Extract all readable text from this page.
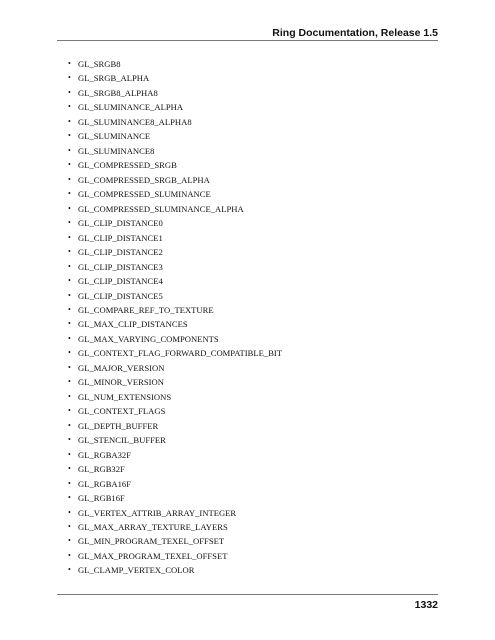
Ring Documentation, Release 1.5
• GL_SRGB8
• GL_SRGB_ALPHA
• GL_SRGB8_ALPHA8
• GL_SLUMINANCE_ALPHA
• GL_SLUMINANCE8_ALPHA8
• GL_SLUMINANCE
• GL_SLUMINANCE8
• GL_COMPRESSED_SRGB
• GL_COMPRESSED_SRGB_ALPHA
• GL_COMPRESSED_SLUMINANCE
• GL_COMPRESSED_SLUMINANCE_ALPHA
• GL_CLIP_DISTANCE0
• GL_CLIP_DISTANCE1
• GL_CLIP_DISTANCE2
• GL_CLIP_DISTANCE3
• GL_CLIP_DISTANCE4
• GL_CLIP_DISTANCE5
• GL_COMPARE_REF_TO_TEXTURE
• GL_MAX_CLIP_DISTANCES
• GL_MAX_VARYING_COMPONENTS
• GL_CONTEXT_FLAG_FORWARD_COMPATIBLE_BIT
• GL_MAJOR_VERSION
• GL_MINOR_VERSION
• GL_NUM_EXTENSIONS
• GL_CONTEXT_FLAGS
• GL_DEPTH_BUFFER
• GL_STENCIL_BUFFER
• GL_RGBA32F
• GL_RGB32F
• GL_RGBA16F
• GL_RGB16F
• GL_VERTEX_ATTRIB_ARRAY_INTEGER
• GL_MAX_ARRAY_TEXTURE_LAYERS
• GL_MIN_PROGRAM_TEXEL_OFFSET
• GL_MAX_PROGRAM_TEXEL_OFFSET
• GL_CLAMP_VERTEX_COLOR
1332
